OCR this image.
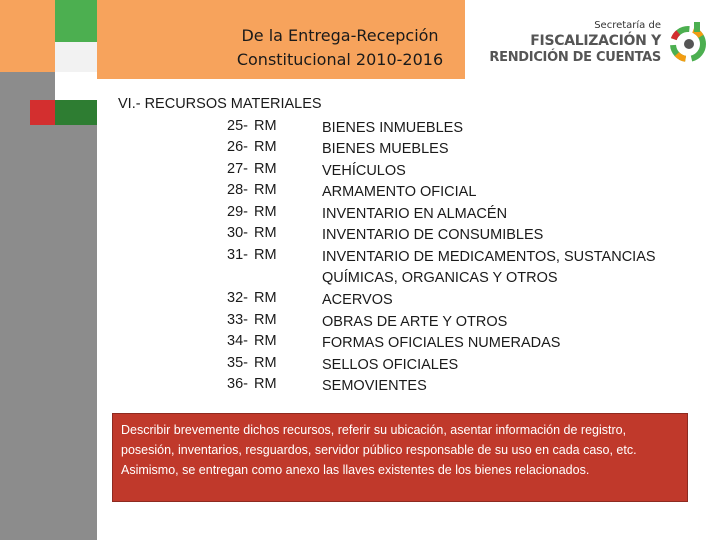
De la Entrega-Recepción
Constitucional 2010-2016
Secretaría de
FISCALIZACIÓN Y
RENDICIÓN DE CUENTAS
VI.- RECURSOS MATERIALES
25- RM	BIENES INMUEBLES
26- RM	BIENES MUEBLES
27- RM	VEHÍCULOS
28- RM	ARMAMENTO OFICIAL
29- RM	INVENTARIO EN ALMACÉN
30- RM	INVENTARIO DE CONSUMIBLES
31- RM	INVENTARIO DE MEDICAMENTOS, SUSTANCIAS
QUÍMICAS, ORGANICAS Y OTROS
32- RM	ACERVOS
33- RM	OBRAS DE ARTE Y OTROS
34- RM	FORMAS OFICIALES NUMERADAS
35- RM	SELLOS OFICIALES
36- RM	SEMOVIENTES
Describir brevemente dichos recursos, referir su ubicación, asentar información de registro,
posesión, inventarios, resguardos, servidor público responsable de su uso en cada caso, etc.
Asimismo, se entregan como anexo las llaves existentes de los bienes relacionados.
